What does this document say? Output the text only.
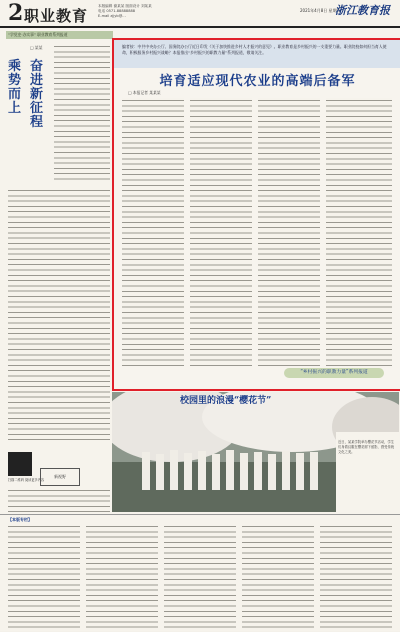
2 职业教育
本版编辑 谢某某 版面设计 刘某某
电话 0571-88888888
E-mail zjjyb@...
2021年4月8日 星期四
浙江教育报
“学党史·办实事” 职业教育系列报道
□ 某某
乘势而上
奋进新征程
扫描二维码 阅读更多内容
新视野
编者按：中共中央办公厅、国务院办公厅近日印发《关于加快推进乡村人才振兴的意见》。职业教育是乡村振兴的一支重要力量。职业院校如何担当育人使命，积极服务乡村振兴战略？本报推出“乡村振兴的职教力量”系列报道，敬请关注。
培育适应现代农业的高端后备军
□ 本报记者 某某某
“乡村振兴的职教力量”系列报道
校园里的浪漫“樱花节”
近日，某某学院举办樱花节活动，学生们身着汉服在樱花树下留影，感受传统文化之美。
【本版专栏】
